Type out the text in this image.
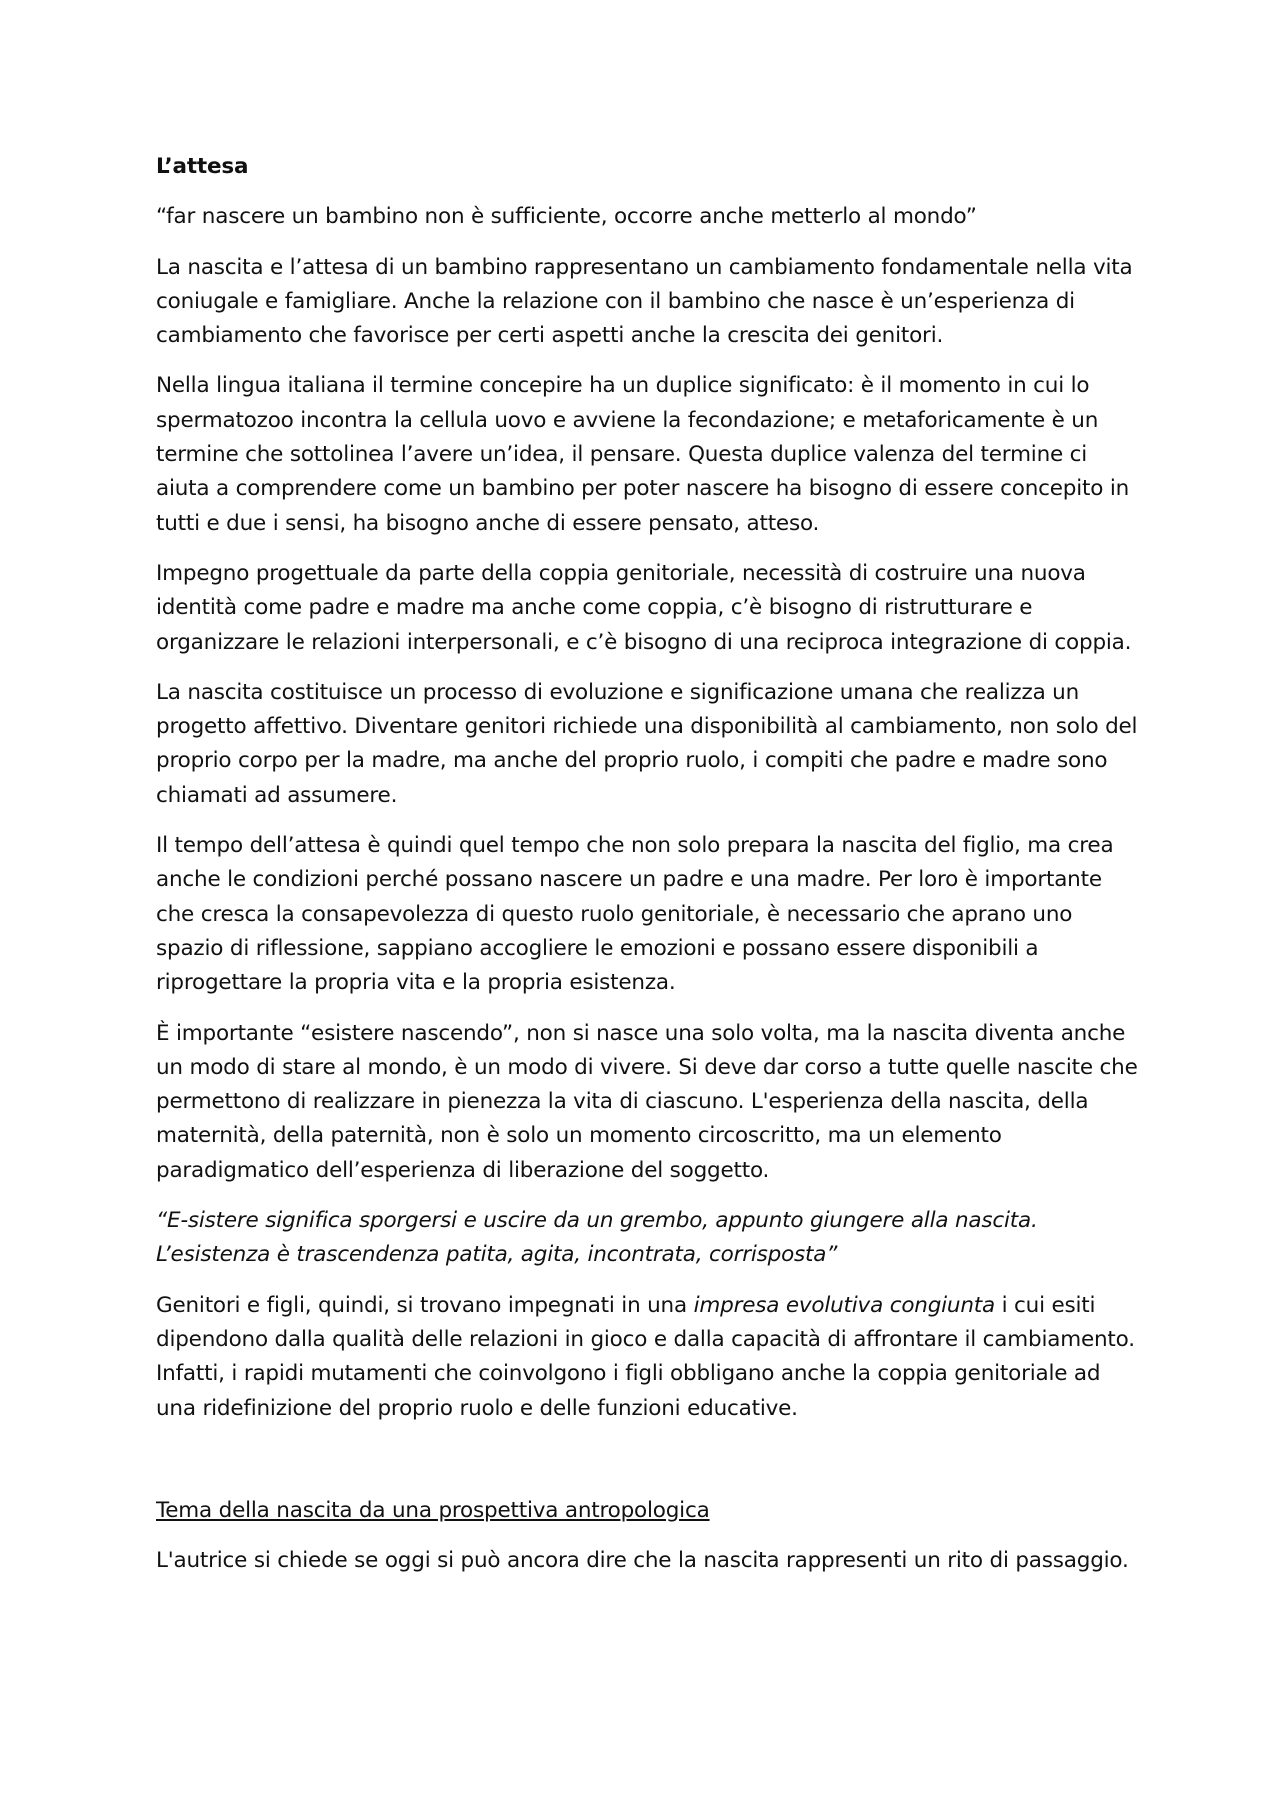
L’attesa

“far nascere un bambino non è sufficiente, occorre anche metterlo al mondo”

La nascita e l’attesa di un bambino rappresentano un cambiamento fondamentale nella vita coniugale e famigliare. Anche la relazione con il bambino che nasce è un’esperienza di cambiamento che favorisce per certi aspetti anche la crescita dei genitori.

Nella lingua italiana il termine concepire ha un duplice significato: è il momento in cui lo spermatozoo incontra la cellula uovo e avviene la fecondazione; e metaforicamente è un termine che sottolinea l’avere un’idea, il pensare. Questa duplice valenza del termine ci aiuta a comprendere come un bambino per poter nascere ha bisogno di essere concepito in tutti e due i sensi, ha bisogno anche di essere pensato, atteso.

Impegno progettuale da parte della coppia genitoriale, necessità di costruire una nuova identità come padre e madre ma anche come coppia, c’è bisogno di ristrutturare e organizzare le relazioni interpersonali, e c’è bisogno di una reciproca integrazione di coppia.

La nascita costituisce un processo di evoluzione e significazione umana che realizza un progetto affettivo. Diventare genitori richiede una disponibilità al cambiamento, non solo del proprio corpo per la madre, ma anche del proprio ruolo, i compiti che padre e madre sono chiamati ad assumere.

Il tempo dell’attesa è quindi quel tempo che non solo prepara la nascita del figlio, ma crea anche le condizioni perché possano nascere un padre e una madre. Per loro è importante che cresca la consapevolezza di questo ruolo genitoriale, è necessario che aprano uno spazio di riflessione, sappiano accogliere le emozioni e possano essere disponibili a riprogettare la propria vita e la propria esistenza.

È importante “esistere nascendo”, non si nasce una solo volta, ma la nascita diventa anche un modo di stare al mondo, è un modo di vivere. Si deve dar corso a tutte quelle nascite che permettono di realizzare in pienezza la vita di ciascuno. L'esperienza della nascita, della maternità, della paternità, non è solo un momento circoscritto, ma un elemento paradigmatico dell’esperienza di liberazione del soggetto.

“E-sistere significa sporgersi e uscire da un grembo, appunto giungere alla nascita. L’esistenza è trascendenza patita, agita, incontrata, corrisposta”

Genitori e figli, quindi, si trovano impegnati in una impresa evolutiva congiunta i cui esiti dipendono dalla qualità delle relazioni in gioco e dalla capacità di affrontare il cambiamento. Infatti, i rapidi mutamenti che coinvolgono i figli obbligano anche la coppia genitoriale ad una ridefinizione del proprio ruolo e delle funzioni educative.

Tema della nascita da una prospettiva antropologica

L'autrice si chiede se oggi si può ancora dire che la nascita rappresenti un rito di passaggio.
